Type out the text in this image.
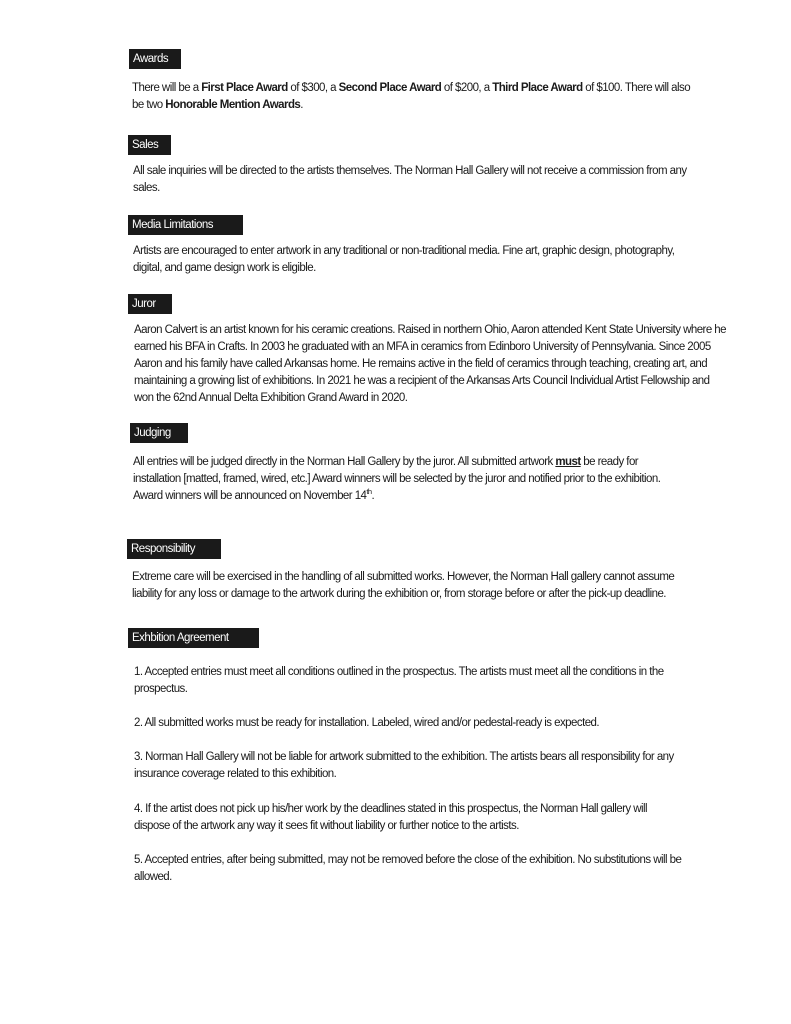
Awards
There will be a First Place Award of $300, a Second Place Award of $200, a Third Place Award of $100. There will also
be two Honorable Mention Awards.
Sales
All sale inquiries will be directed to the artists themselves. The Norman Hall Gallery will not receive a commission from any
sales.
Media Limitations
Artists are encouraged to enter artwork in any traditional or non-traditional media. Fine art, graphic design, photography,
digital, and game design work is eligible.
Juror
Aaron Calvert is an artist known for his ceramic creations. Raised in northern Ohio, Aaron attended Kent State University where he
earned his BFA in Crafts. In 2003 he graduated with an MFA in ceramics from Edinboro University of Pennsylvania. Since 2005
Aaron and his family have called Arkansas home. He remains active in the field of ceramics through teaching, creating art, and
maintaining a growing list of exhibitions. In 2021 he was a recipient of the Arkansas Arts Council Individual Artist Fellowship and
won the 62nd Annual Delta Exhibition Grand Award in 2020.
Judging
All entries will be judged directly in the Norman Hall Gallery by the juror. All submitted artwork must be ready for
installation [matted, framed, wired, etc.] Award winners will be selected by the juror and notified prior to the exhibition.
Award winners will be announced on November 14th.
Responsibility
Extreme care will be exercised in the handling of all submitted works. However, the Norman Hall gallery cannot assume
liability for any loss or damage to the artwork during the exhibition or, from storage before or after the pick-up deadline.
Exhbition Agreement
1. Accepted entries must meet all conditions outlined in the prospectus. The artists must meet all the conditions in the
prospectus.
2. All submitted works must be ready for installation. Labeled, wired and/or pedestal-ready is expected.
3. Norman Hall Gallery will not be liable for artwork submitted to the exhibition. The artists bears all responsibility for any
insurance coverage related to this exhibition.
4. If the artist does not pick up his/her work by the deadlines stated in this prospectus, the Norman Hall gallery will
dispose of the artwork any way it sees fit without liability or further notice to the artists.
5. Accepted entries, after being submitted, may not be removed before the close of the exhibition. No substitutions will be
allowed.
